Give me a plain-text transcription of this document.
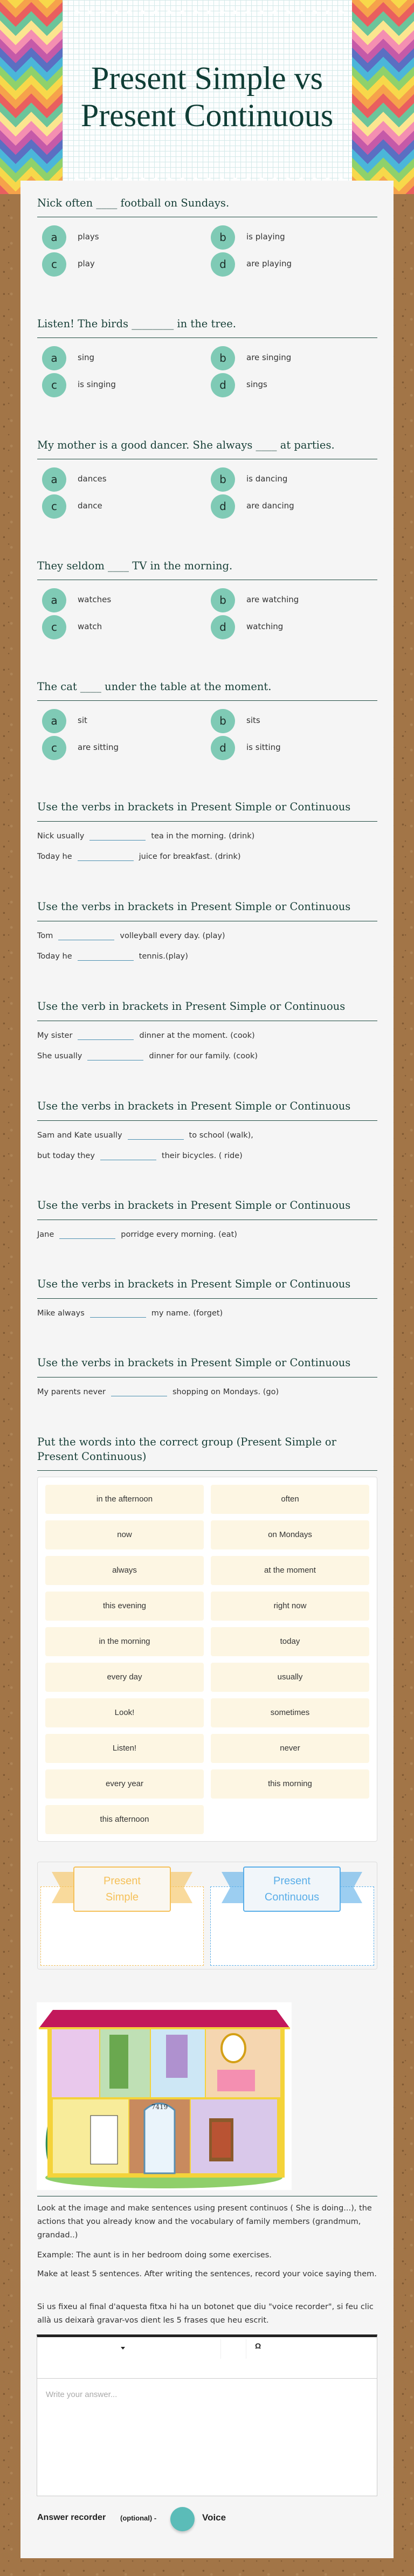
Present Simple vs
Present Continuous
Nick often ____ football on Sundays.
a	plays	b	is playing
c	play	d	are playing
Listen! The birds ________ in the tree.
a	sing	b	are singing
c	is singing	d	sings
My mother is a good dancer. She always ____ at parties.
a	dances	b	is dancing
c	dance	d	are dancing
They seldom ____ TV in the morning.
a	watches	b	are watching
c	watch	d	watching
The cat ____ under the table at the moment.
a	sit	b	sits
c	are sitting	d	is sitting
Use the verbs in brackets in Present Simple or Continuous
Nick usually	tea in the morning. (drink)
Today he	juice for breakfast. (drink)
Use the verbs in brackets in Present Simple or Continuous
Tom	volleyball every day. (play)
Today he	tennis.(play)
Use the verb in brackets in Present Simple or Continuous
My sister	dinner at the moment. (cook)
She usually	dinner for our family. (cook)
Use the verbs in brackets in Present Simple or Continuous
Sam and Kate usually	to school (walk),
but today they	their bicycles. ( ride)
Use the verbs in brackets in Present Simple or Continuous
Jane	porridge every morning. (eat)
Use the verbs in brackets in Present Simple or Continuous
Mike always	my name. (forget)
Use the verbs in brackets in Present Simple or Continuous
My parents never	shopping on Mondays. (go)
Put the words into the correct group (Present Simple or
Present Continuous)
in the afternoon	often
now	on Mondays
always	at the moment
this evening	right now
in the morning	today
every day	usually
Look!	sometimes
Listen!	never
every year	this morning
this afternoon
Present
Simple
Present
Continuous
7419
Look at the image and make sentences using present continuos ( She is doing...), the actions that you already know and the vocabulary of family members (grandmum, grandad..)
Example: The aunt is in her bedroom doing some exercises.
Make at least 5 sentences. After writing the sentences, record your voice saying them.
Si us fixeu al final d'aquesta fitxa hi ha un botonet que diu "voice recorder", si feu clic allà us deixarà gravar-vos dient les 5 frases que heu escrit.
Ω
Write your answer...
Answer recorder (optional) -	Voice
